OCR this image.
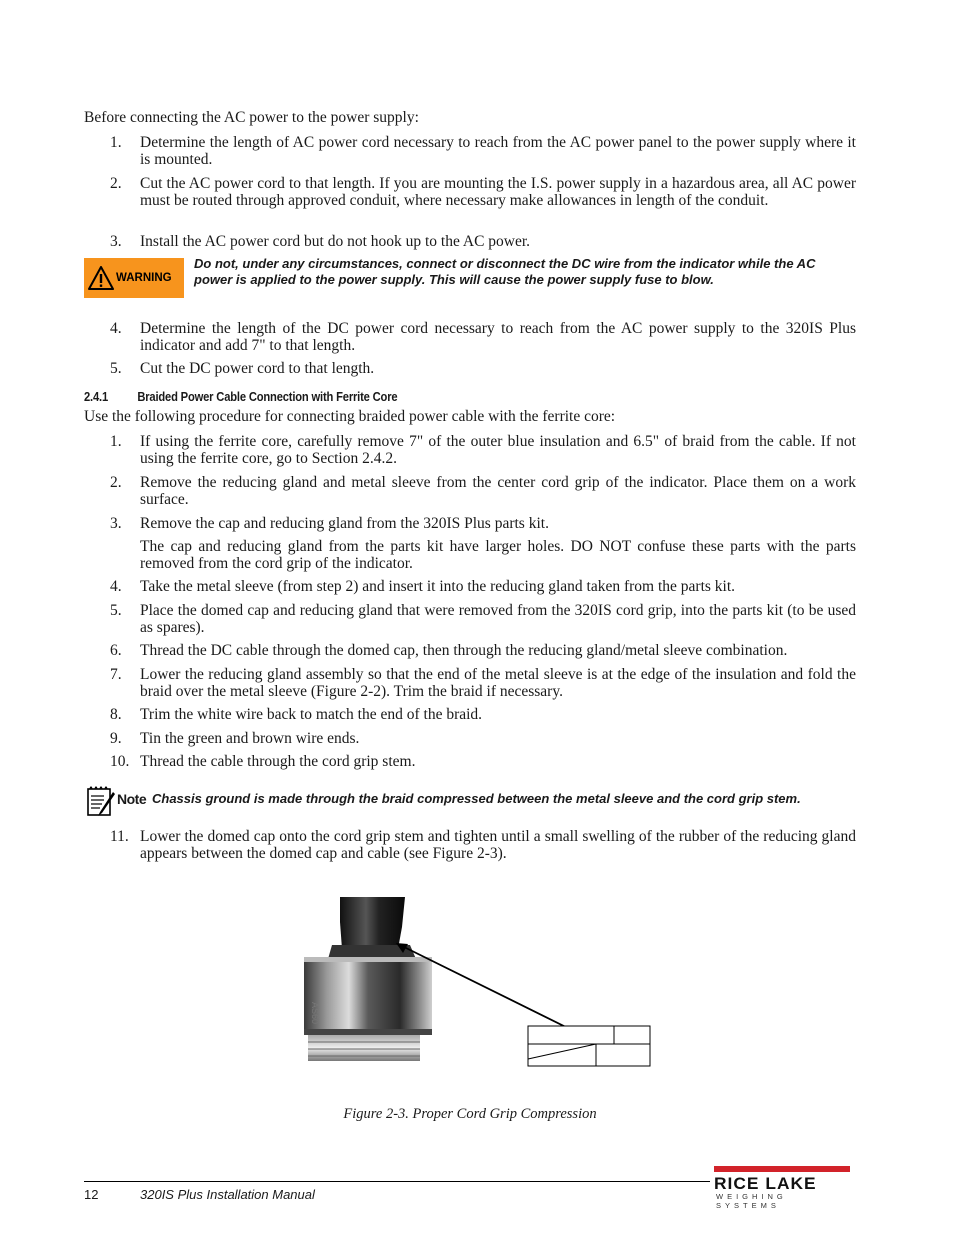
Before connecting the AC power to the power supply:
1.	Determine the length of AC power cord necessary to reach from the AC power panel to the power supply where it is mounted.
2.	Cut the AC power cord to that length. If you are mounting the I.S. power supply in a hazardous area, all AC power must be routed through approved conduit, where necessary make allowances in length of the conduit.
3.	Install the AC power cord but do not hook up to the AC power.
WARNING
Do not, under any circumstances, connect or disconnect the DC wire from the indicator while the AC power is applied to the power supply. This will cause the power supply fuse to blow.
4.	Determine the length of the DC power cord necessary to reach from the AC power supply to the 320IS Plus indicator and add 7" to that length.
5.	Cut the DC power cord to that length.
2.4.1 Braided Power Cable Connection with Ferrite Core
Use the following procedure for connecting braided power cable with the ferrite core:
1.	If using the ferrite core, carefully remove 7" of the outer blue insulation and 6.5" of braid from the cable. If not using the ferrite core, go to Section 2.4.2.
2.	Remove the reducing gland and metal sleeve from the center cord grip of the indicator. Place them on a work surface.
3.	Remove the cap and reducing gland from the 320IS Plus parts kit.
The cap and reducing gland from the parts kit have larger holes. DO NOT confuse these parts with the parts removed from the cord grip of the indicator.
4.	Take the metal sleeve (from step 2) and insert it into the reducing gland taken from the parts kit.
5.	Place the domed cap and reducing gland that were removed from the 320IS cord grip, into the parts kit (to be used as spares).
6.	Thread the DC cable through the domed cap, then through the reducing gland/metal sleeve combination.
7.	Lower the reducing gland assembly so that the end of the metal sleeve is at the edge of the insulation and fold the braid over the metal sleeve (Figure 2-2). Trim the braid if necessary.
8.	Trim the white wire back to match the end of the braid.
9.	Tin the green and brown wire ends.
10. Thread the cable through the cord grip stem.
Note Chassis ground is made through the braid compressed between the metal sleeve and the cord grip stem.
11. Lower the domed cap onto the cord grip stem and tighten until a small swelling of the rubber of the reducing gland appears between the domed cap and cable (see Figure 2-3).
AS60
Figure 2-3. Proper Cord Grip Compression
12	320IS Plus Installation Manual
RICE LAKE
WEIGHING SYSTEMS
